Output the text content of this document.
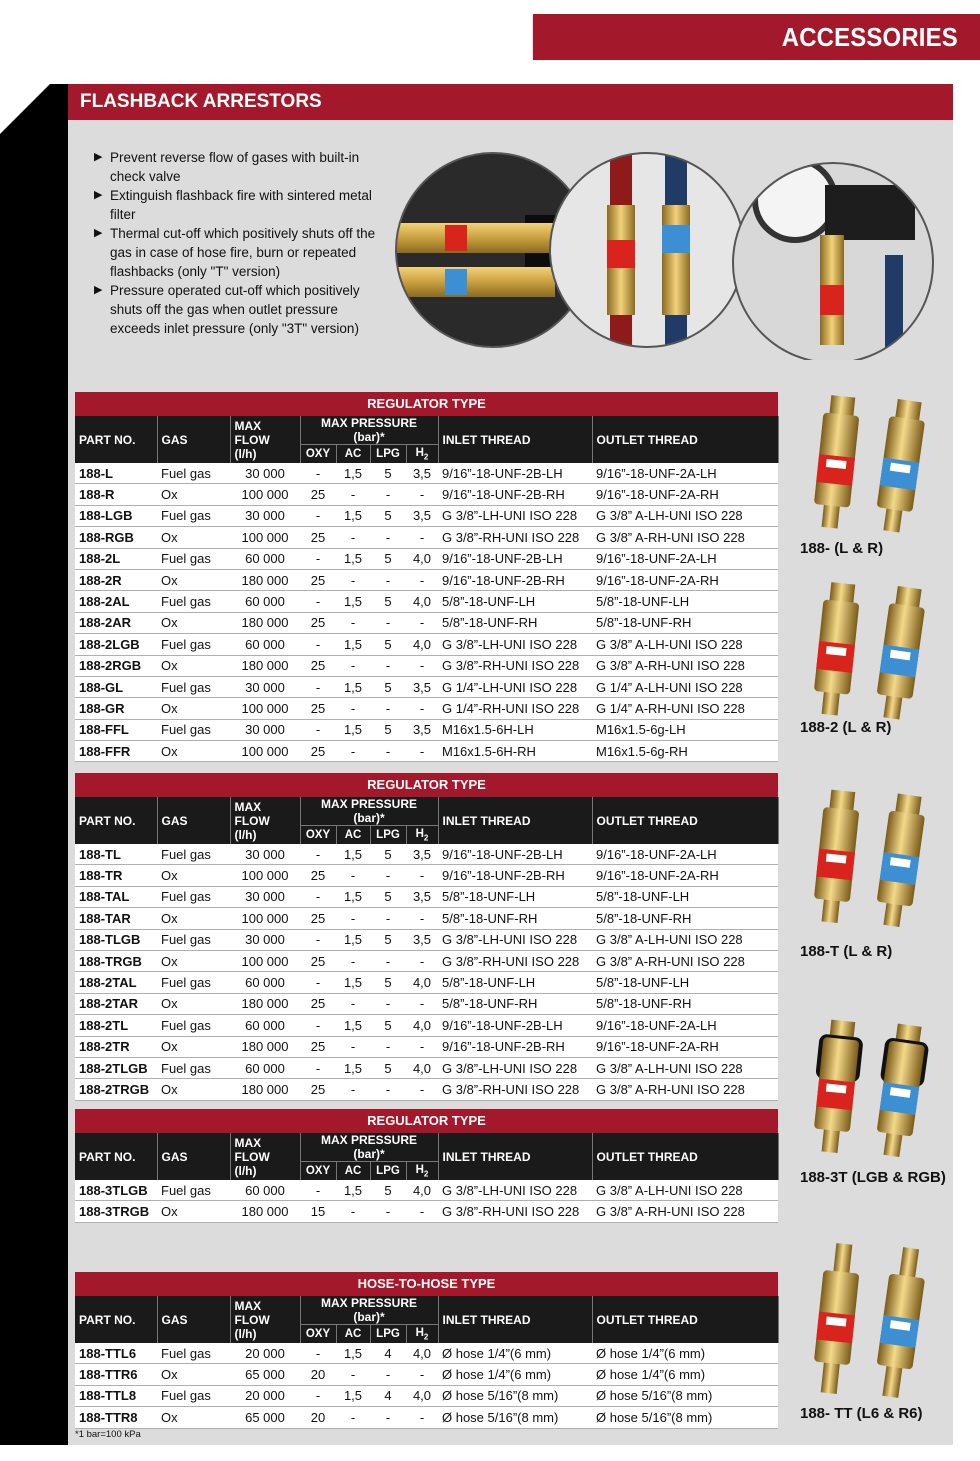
ACCESSORIES
FLASHBACK ARRESTORS
▶ Prevent reverse flow of gases with built-in check valve
▶ Extinguish flashback fire with sintered metal filter
▶ Thermal cut-off which positively shuts off the gas in case of hose fire, burn or repeated flashbacks (only "T" version)
▶ Pressure operated cut-off which positively shuts off the gas when outlet pressure exceeds inlet pressure (only "3T" version)
REGULATOR TYPE
PART NO.	GAS	MAX FLOW
(l/h)	MAX PRESSURE (bar)*				INLET THREAD	OUTLET THREAD
			OXY	AC	LPG	$H_2$
188-L	Fuel gas	30 000	-	1,5	5	3,5	9/16”-18-UNF-2B-LH	9/16”-18-UNF-2A-LH
188-R	Ox	100 000	25	-	-	-	9/16”-18-UNF-2B-RH	9/16”-18-UNF-2A-RH
188-LGB	Fuel gas	30 000	-	1,5	5	3,5	G 3/8”-LH-UNI ISO 228	G 3/8” A-LH-UNI ISO 228
188-RGB	Ox	100 000	25	-	-	-	G 3/8”-RH-UNI ISO 228	G 3/8” A-RH-UNI ISO 228
188-2L	Fuel gas	60 000	-	1,5	5	4,0	9/16”-18-UNF-2B-LH	9/16”-18-UNF-2A-LH
188-2R	Ox	180 000	25	-	-	-	9/16”-18-UNF-2B-RH	9/16”-18-UNF-2A-RH
188-2AL	Fuel gas	60 000	-	1,5	5	4,0	5/8”-18-UNF-LH	5/8”-18-UNF-LH
188-2AR	Ox	180 000	25	-	-	-	5/8”-18-UNF-RH	5/8”-18-UNF-RH
188-2LGB	Fuel gas	60 000	-	1,5	5	4,0	G 3/8”-LH-UNI ISO 228	G 3/8” A-LH-UNI ISO 228
188-2RGB	Ox	180 000	25	-	-	-	G 3/8”-RH-UNI ISO 228	G 3/8” A-RH-UNI ISO 228
188-GL	Fuel gas	30 000	-	1,5	5	3,5	G 1/4”-LH-UNI ISO 228	G 1/4” A-LH-UNI ISO 228
188-GR	Ox	100 000	25	-	-	-	G 1/4”-RH-UNI ISO 228	G 1/4” A-RH-UNI ISO 228
188-FFL	Fuel gas	30 000	-	1,5	5	3,5	M16x1.5-6H-LH	M16x1.5-6g-LH
188-FFR	Ox	100 000	25	-	-	-	M16x1.5-6H-RH	M16x1.5-6g-RH
REGULATOR TYPE
PART NO.	GAS	MAX FLOW
(l/h)	MAX PRESSURE (bar)*				INLET THREAD	OUTLET THREAD
			OXY	AC	LPG	$H_2$
188-TL	Fuel gas	30 000	-	1,5	5	3,5	9/16”-18-UNF-2B-LH	9/16”-18-UNF-2A-LH
188-TR	Ox	100 000	25	-	-	-	9/16”-18-UNF-2B-RH	9/16”-18-UNF-2A-RH
188-TAL	Fuel gas	30 000	-	1,5	5	3,5	5/8”-18-UNF-LH	5/8”-18-UNF-LH
188-TAR	Ox	100 000	25	-	-	-	5/8”-18-UNF-RH	5/8”-18-UNF-RH
188-TLGB	Fuel gas	30 000	-	1,5	5	3,5	G 3/8”-LH-UNI ISO 228	G 3/8” A-LH-UNI ISO 228
188-TRGB	Ox	100 000	25	-	-	-	G 3/8”-RH-UNI ISO 228	G 3/8” A-RH-UNI ISO 228
188-2TAL	Fuel gas	60 000	-	1,5	5	4,0	5/8”-18-UNF-LH	5/8”-18-UNF-LH
188-2TAR	Ox	180 000	25	-	-	-	5/8”-18-UNF-RH	5/8”-18-UNF-RH
188-2TL	Fuel gas	60 000	-	1,5	5	4,0	9/16”-18-UNF-2B-LH	9/16”-18-UNF-2A-LH
188-2TR	Ox	180 000	25	-	-	-	9/16”-18-UNF-2B-RH	9/16”-18-UNF-2A-RH
188-2TLGB	Fuel gas	60 000	-	1,5	5	4,0	G 3/8”-LH-UNI ISO 228	G 3/8” A-LH-UNI ISO 228
188-2TRGB	Ox	180 000	25	-	-	-	G 3/8”-RH-UNI ISO 228	G 3/8” A-RH-UNI ISO 228
REGULATOR TYPE
PART NO.	GAS	MAX FLOW
(l/h)	MAX PRESSURE (bar)*				INLET THREAD	OUTLET THREAD
			OXY	AC	LPG	$H_2$
188-3TLGB	Fuel gas	60 000	-	1,5	5	4,0	G 3/8”-LH-UNI ISO 228	G 3/8” A-LH-UNI ISO 228
188-3TRGB	Ox	180 000	15	-	-	-	G 3/8”-RH-UNI ISO 228	G 3/8” A-RH-UNI ISO 228
HOSE-TO-HOSE TYPE
PART NO.	GAS	MAX FLOW
(l/h)	MAX PRESSURE (bar)*				INLET THREAD	OUTLET THREAD
			OXY	AC	LPG	$H_2$
188-TTL6	Fuel gas	20 000	-	1,5	4	4,0	Ø hose 1/4”(6 mm)	Ø hose 1/4”(6 mm)
188-TTR6	Ox	65 000	20	-	-	-	Ø hose 1/4”(6 mm)	Ø hose 1/4”(6 mm)
188-TTL8	Fuel gas	20 000	-	1,5	4	4,0	Ø hose 5/16”(8 mm)	Ø hose 5/16”(8 mm)
188-TTR8	Ox	65 000	20	-	-	-	Ø hose 5/16”(8 mm)	Ø hose 5/16”(8 mm)
188- (L & R)
188-2 (L & R)
188-T (L & R)
188-3T (LGB & RGB)
188- TT (L6 & R6)
*1 bar=100 kPa
